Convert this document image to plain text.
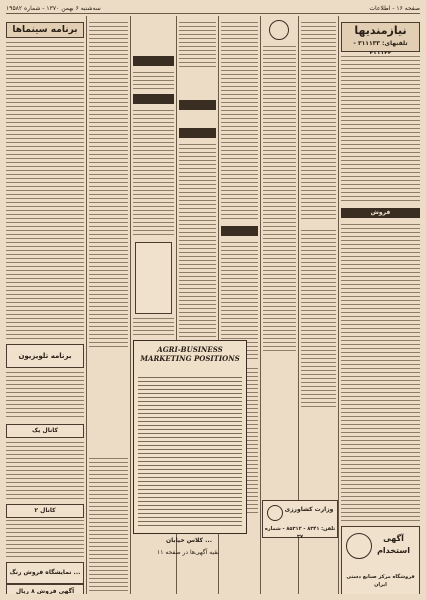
صفحه ۱۶ - اطلاعات
سه‌شنبه ۶ بهمن ۱۳۷۰ - شماره ۱۹۵۸۲
برنامه سینماها
برنامه تلویزیون
کانال یک
کانال ۲
نمایشگاه فروش رنگ ...
آگهی فروش ۸ ریال
AGRI-BUSINESS MARKETING POSITIONS
کلاس خیابان ...
بقیه آگهی‌ها در صفحه ۱۱
وزارت کشاورزی
تلفن: ۸۳۴۱ - ۸۵۳۱۲ - شماره ۳۷
نیازمندیها
تلفنهای: ۳۱۱۱۳۳ -
فروش
آگهی استخدام
فروشگاه مرکز صنایع دستی ایران
